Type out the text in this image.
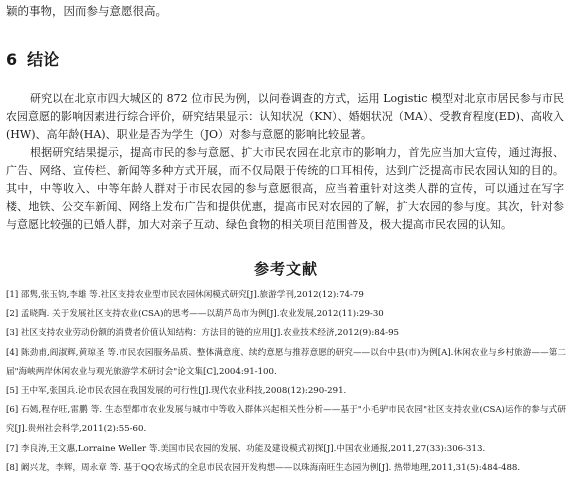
颖的事物，因而参与意愿很高。
6 结论

研究以在北京市四大城区的 872 位市民为例，以问卷调查的方式，运用 Logistic 模型对北京市居民参与市民农园意愿的影响因素进行综合评价，研究结果显示：认知状况（KN）、婚姻状况（MA）、受教育程度(ED)、高收入(HW)、高年龄(HA)、职业是否为学生（JO）对参与意愿的影响比较显著。

根据研究结果提示，提高市民的参与意愿、扩大市民农园在北京市的影响力，首先应当加大宣传，通过海报、广告、网络、宣传栏、新闻等多种方式开展，而不仅局限于传统的口耳相传，达到广泛提高市民农园认知的目的。其中，中等收入、中等年龄人群对于市民农园的参与意愿很高，应当着重针对这类人群的宣传，可以通过在写字楼、地铁、公交车新闻、网络上发布广告和提供优惠，提高市民对农园的了解，扩大农园的参与度。其次，针对参与意愿比较强的已婚人群，加大对亲子互动、绿色食物的相关项目范围普及，极大提高市民农园的认知。

参考文献
[1] 邵隽,张玉钧,李雄 等.社区支持农业型市民农园休闲模式研究[J].旅游学刊,2012(12):74-79
[2] 孟晓陶. 关于发展社区支持农业(CSA)的思考——以葫芦岛市为例[J].农业发展,2012(11):29-30
[3] 社区支持农业劳动份额的消费者价值认知结构：方法目的链的应用[J].农业技术经济,2012(9):84-95
[4] 陈劲甫,阎淑辉,黄琼圣 等.市民农园服务品质、整体满意度、续约意愿与推荐意愿的研究——以台中县(市)为例[A].休闲农业与乡村旅游——第二届"海峡两岸休闲农业与观光旅游学术研讨会"论文集[C],2004:91-100.
[5] 王中军,张国兵.论市民农园在我国发展的可行性[J].现代农业科技,2008(12):290-291.
[6] 石嫣,程存旺,雷鹏 等. 生态型都市农业发展与城市中等收入群体兴起相关性分析——基于"小毛驴市民农园"社区支持农业(CSA)运作的参与式研究[J].贵州社会科学,2011(2):55-60.
[7] 李良涛,王文惠,Lorraine Weller 等.美国市民农园的发展、功能及建设模式初探[J].中国农业通报,2011,27(33):306-313.
[8] 阚兴龙，李辉，周永章 等. 基于QQ农场式的全息市民农园开发构想——以珠海南旺生态园为例[J]. 热带地理,2011,31(5):484-488.
